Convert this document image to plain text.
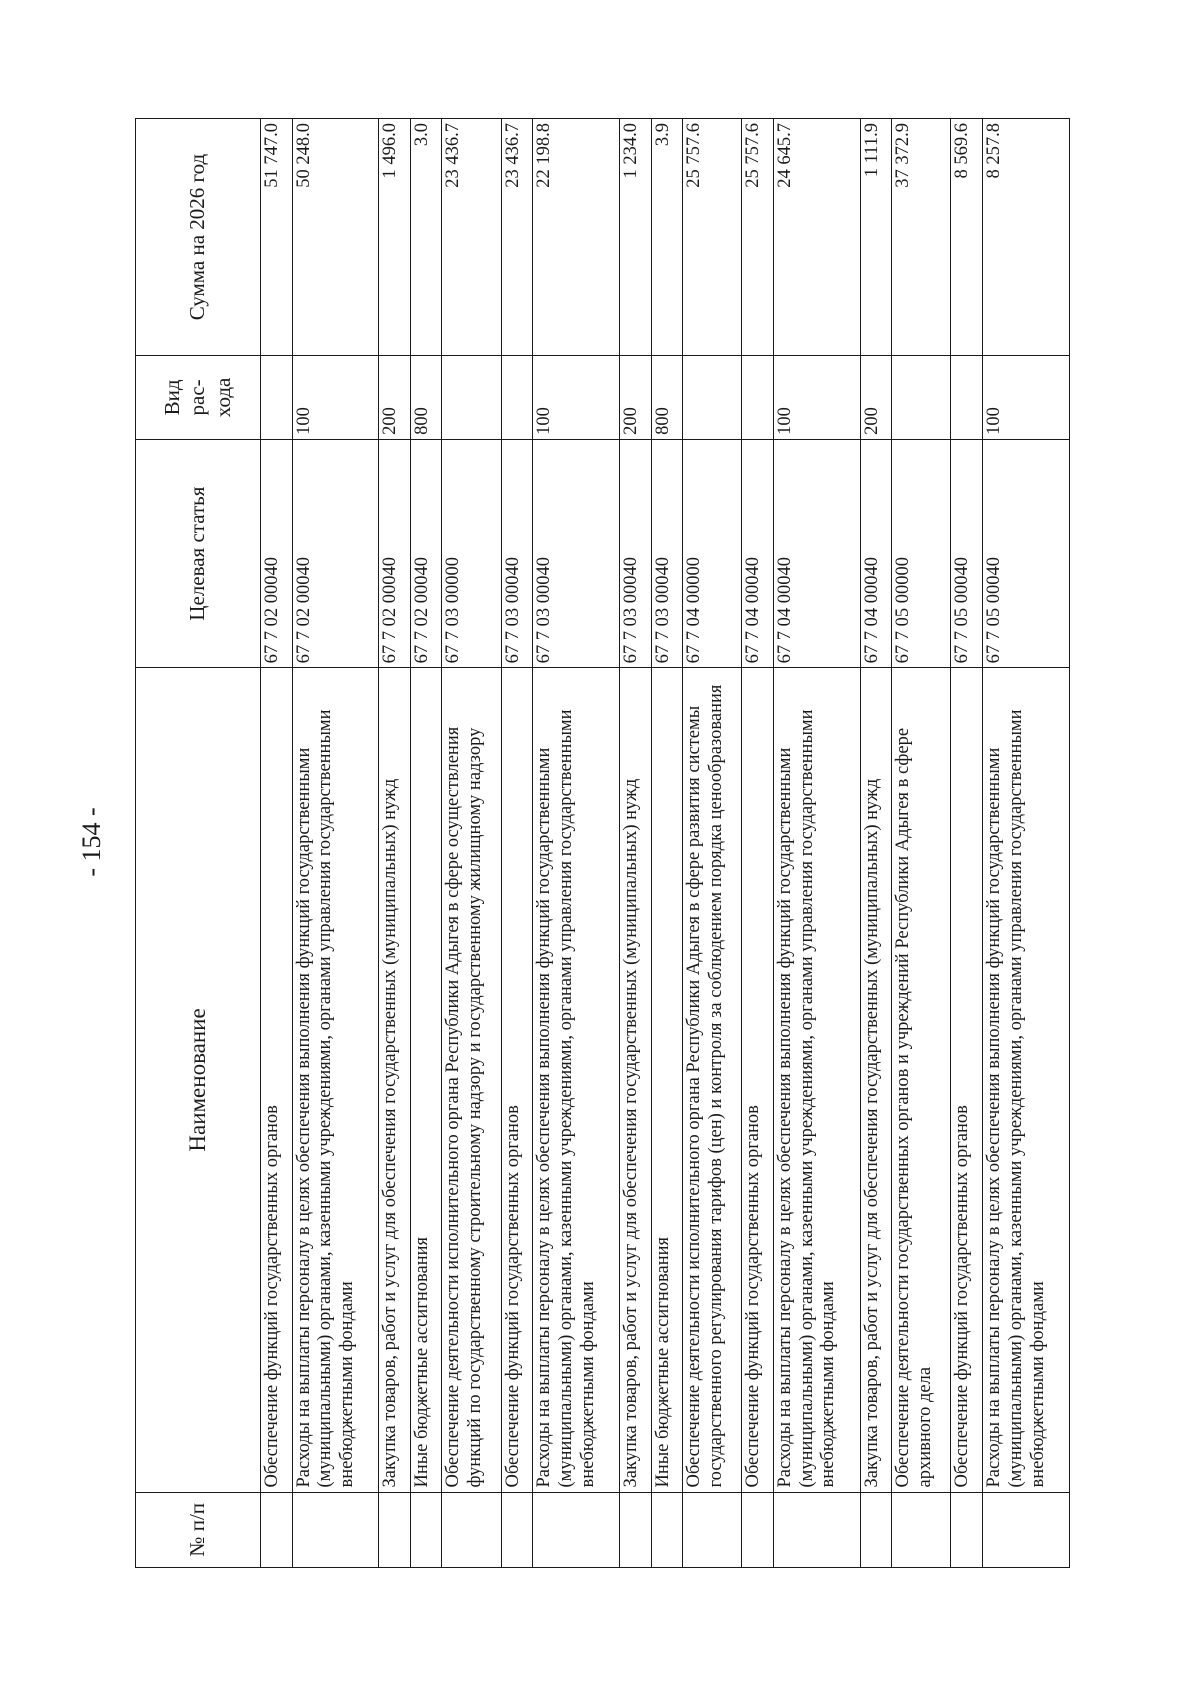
- 154 -
№ п/п	Наименование	Целевая статья	Вид рас- хода	Сумма на 2026 год
	Обеспечение функций государственных органов	67 7 02 00040		51 747.0
	Расходы на выплаты персоналу в целях обеспечения выполнения функций государственными (муниципальными) органами, казенными учреждениями, органами управления государственными внебюджетными фондами	67 7 02 00040	100	50 248.0
	Закупка товаров, работ и услуг для обеспечения государственных (муниципальных) нужд	67 7 02 00040	200	1 496.0
	Иные бюджетные ассигнования	67 7 02 00040	800	3.0
	Обеспечение деятельности исполнительного органа Республики Адыгея в сфере осуществления функций по государственному строительному надзору и государственному жилищному надзору	67 7 03 00000		23 436.7
	Обеспечение функций государственных органов	67 7 03 00040		23 436.7
	Расходы на выплаты персоналу в целях обеспечения выполнения функций государственными (муниципальными) органами, казенными учреждениями, органами управления государственными внебюджетными фондами	67 7 03 00040	100	22 198.8
	Закупка товаров, работ и услуг для обеспечения государственных (муниципальных) нужд	67 7 03 00040	200	1 234.0
	Иные бюджетные ассигнования	67 7 03 00040	800	3.9
	Обеспечение деятельности исполнительного органа Республики Адыгея в сфере развития системы государственного регулирования тарифов (цен) и контроля за соблюдением порядка ценообразования	67 7 04 00000		25 757.6
	Обеспечение функций государственных органов	67 7 04 00040		25 757.6
	Расходы на выплаты персоналу в целях обеспечения выполнения функций государственными (муниципальными) органами, казенными учреждениями, органами управления государственными внебюджетными фондами	67 7 04 00040	100	24 645.7
	Закупка товаров, работ и услуг для обеспечения государственных (муниципальных) нужд	67 7 04 00040	200	1 111.9
	Обеспечение деятельности государственных органов и учреждений Республики Адыгея в сфере архивного дела	67 7 05 00000		37 372.9
	Обеспечение функций государственных органов	67 7 05 00040		8 569.6
	Расходы на выплаты персоналу в целях обеспечения выполнения функций государственными (муниципальными) органами, казенными учреждениями, органами управления государственными внебюджетными фондами	67 7 05 00040	100	8 257.8
